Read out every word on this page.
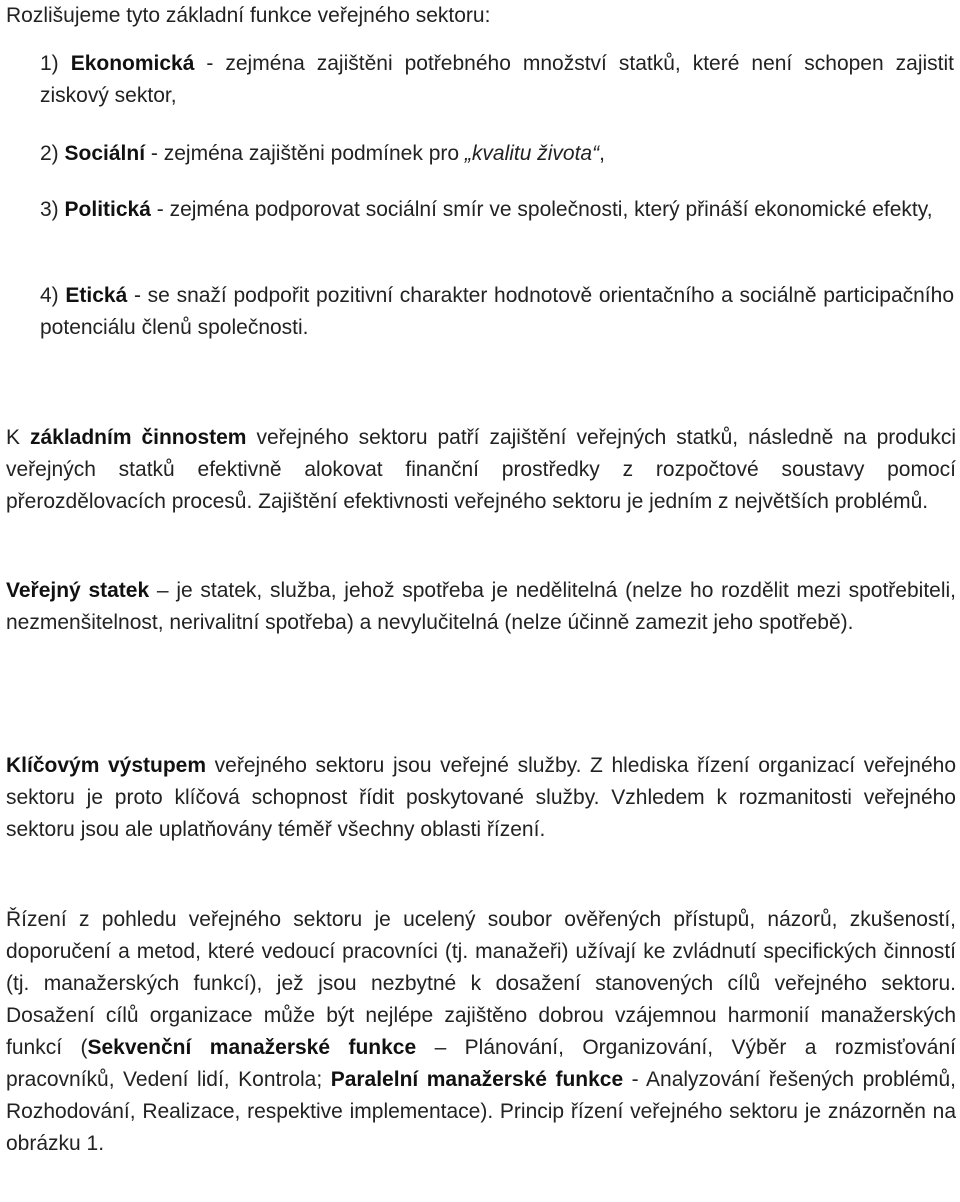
Rozlišujeme tyto základní funkce veřejného sektoru:

1) Ekonomická - zejména zajištěni potřebného množství statků, které není schopen zajistit ziskový sektor,

2) Sociální - zejména zajištěni podmínek pro „kvalitu života“,

3) Politická - zejména podporovat sociální smír ve společnosti, který přináší ekonomické efekty,

4) Etická - se snaží podpořit pozitivní charakter hodnotově orientačního a sociálně participačního potenciálu členů společnosti.

K základním činnostem veřejného sektoru patří zajištění veřejných statků, následně na produkci veřejných statků efektivně alokovat finanční prostředky z rozpočtové soustavy pomocí přerozdělovacích procesů. Zajištění efektivnosti veřejného sektoru je jedním z největších problémů.

Veřejný statek – je statek, služba, jehož spotřeba je nedělitelná (nelze ho rozdělit mezi spotřebiteli, nezmenšitelnost, nerivalitní spotřeba) a nevylučitelná (nelze účinně zamezit jeho spotřebě).

Klíčovým výstupem veřejného sektoru jsou veřejné služby. Z hlediska řízení organizací veřejného sektoru je proto klíčová schopnost řídit poskytované služby. Vzhledem k rozmanitosti veřejného sektoru jsou ale uplatňovány téměř všechny oblasti řízení.

Řízení z pohledu veřejného sektoru je ucelený soubor ověřených přístupů, názorů, zkušeností, doporučení a metod, které vedoucí pracovníci (tj. manažeři) užívají ke zvládnutí specifických činností (tj. manažerských funkcí), jež jsou nezbytné k dosažení stanovených cílů veřejného sektoru. Dosažení cílů organizace může být nejlépe zajištěno dobrou vzájemnou harmonií manažerských funkcí (Sekvenční manažerské funkce – Plánování, Organizování, Výběr a rozmisťování pracovníků, Vedení lidí, Kontrola; Paralelní manažerské funkce - Analyzování řešených problémů, Rozhodování, Realizace, respektive implementace). Princip řízení veřejného sektoru je znázorněn na obrázku 1.
